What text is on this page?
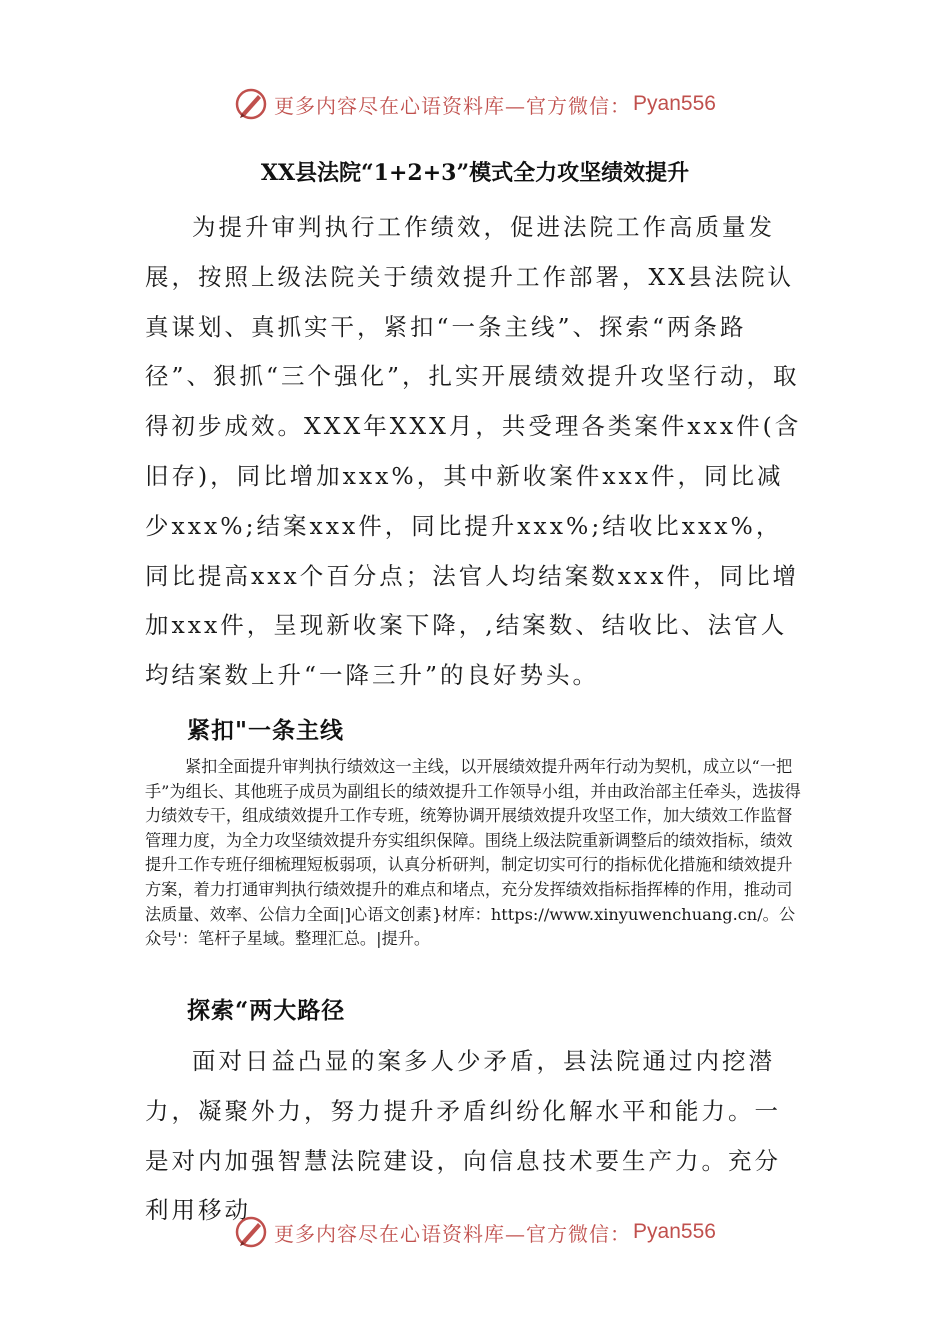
更多内容尽在心语资料库—官方微信： Pyan556
XX县法院“1+2+3”模式全力攻坚绩效提升
为提升审判执行工作绩效，促进法院工作高质量发展，按照上级法院关于绩效提升工作部署，XX县法院认真谋划、真抓实干，紧扣“一条主线”、探索“两条路径”、狠抓“三个强化”，扎实开展绩效提升攻坚行动，取得初步成效。XXX年XXX月，共受理各类案件xxx件(含旧存)，同比增加xxx%，其中新收案件xxx件，同比减少xxx%;结案xxx件，同比提升xxx%;结收比xxx%，同比提高xxx个百分点；法官人均结案数xxx件，同比增加xxx件，呈现新收案下降，,结案数、结收比、法官人均结案数上升“一降三升”的良好势头。
紧扣"一条主线
紧扣全面提升审判执行绩效这一主线，以开展绩效提升两年行动为契机，成立以“一把手”为组长、其他班子成员为副组长的绩效提升工作领导小组，并由政治部主任牵头，选拔得力绩效专干，组成绩效提升工作专班，统筹协调开展绩效提升攻坚工作，加大绩效工作监督管理力度，为全力攻坚绩效提升夯实组织保障。围绕上级法院重新调整后的绩效指标，绩效提升工作专班仔细梳理短板弱项，认真分析研判，制定切实可行的指标优化措施和绩效提升方案，着力打通审判执行绩效提升的难点和堵点，充分发挥绩效指标指挥棒的作用，推动司法质量、效率、公信力全面|]心语文创素}材库：https://www.xinyuwenchuang.cn/。公众号'：笔杆子星域。整理汇总。|提升。
探索“两大路径
面对日益凸显的案多人少矛盾，县法院通过内挖潜力，凝聚外力，努力提升矛盾纠纷化解水平和能力。一是对内加强智慧法院建设，向信息技术要生产力。充分利用移动
更多内容尽在心语资料库—官方微信： Pyan556
